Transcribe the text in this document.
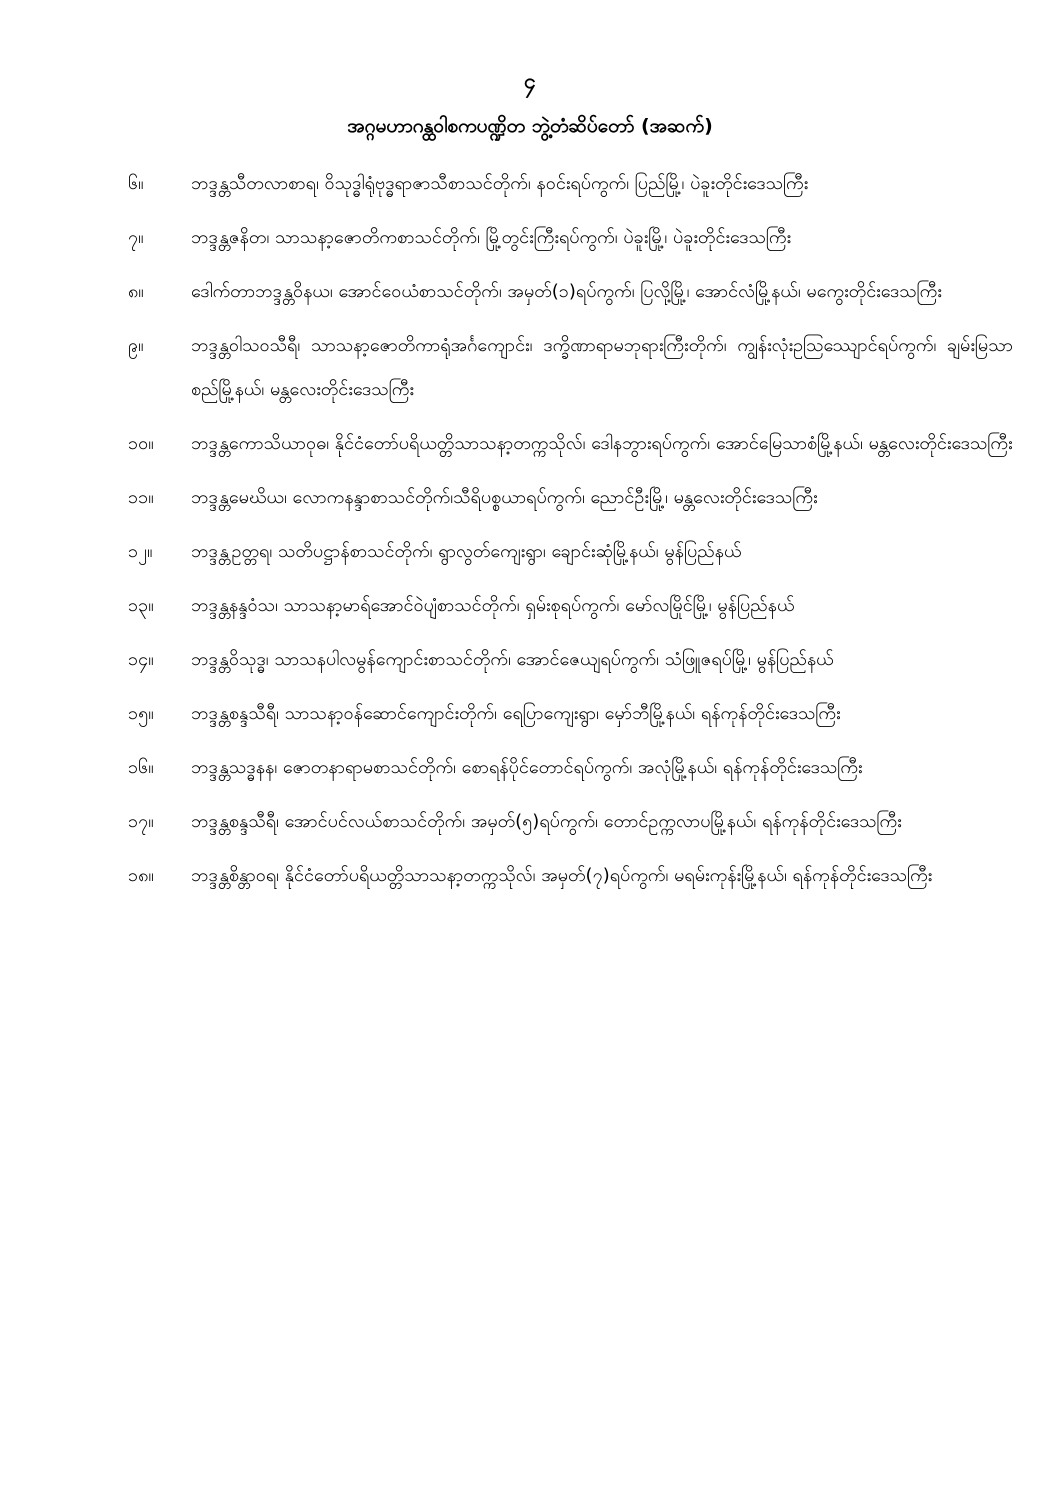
၄
အဂ္ဂမဟာဂန္ထဝါစကပဏ္ဍိတ ဘွဲ့တံဆိပ်တော် (အဆက်)
၆။	ဘဒ္ဒန္တသီတလာစာရ၊ ဝိသုဒ္ဓါရုံဗုဒ္ဓရာဇာသီစာသင်တိုက်၊ နဝင်းရပ်ကွက်၊ ပြည်မြို့၊ ပဲခူးတိုင်းဒေသကြီး
၇။	ဘဒ္ဒန္တဇနိတ၊ သာသနာ့ဇောတိကစာသင်တိုက်၊ မြို့တွင်းကြီးရပ်ကွက်၊ ပဲခူးမြို့၊ ပဲခူးတိုင်းဒေသကြီး
၈။	ဒေါက်တာဘဒ္ဒန္တဝိနယ၊ အောင်ဝေယံစာသင်တိုက်၊ အမှတ်(၁)ရပ်ကွက်၊ ပြလို့မြို့၊ အောင်လံမြို့နယ်၊ မကွေးတိုင်းဒေသကြီး
၉။	ဘဒ္ဒန္တဝါသဝသီရီ၊ သာသနာ့ဇောတိကာရုံအင်္ဂကျောင်း၊ ဒက္ခိဏာရာမဘုရားကြီးတိုက်၊ ကျွန်းလုံးဥဩဿျောင်ရပ်ကွက်၊ ချမ်းမြသာစည်မြို့နယ်၊ မန္တလေးတိုင်းဒေသကြီး
၁၀။	ဘဒ္ဒန္တကောသိယာဝုဓ၊ နိုင်ငံတော်ပရိယတ္တိသာသနာ့တက္ကသိုလ်၊ ဒေါနဘွားရပ်ကွက်၊ အောင်မြေသာစံမြို့နယ်၊ မန္တလေးတိုင်းဒေသကြီး
၁၁။	ဘဒ္ဒန္တမေဃိယ၊ လောကနန္ဒာစာသင်တိုက်၊သီရိပစ္စယာရပ်ကွက်၊ ညောင်ဦးမြို့၊ မန္တလေးတိုင်းဒေသကြီး
၁၂။	ဘဒ္ဒန္တဥတ္တရ၊ သတိပဋ္ဌာန်စာသင်တိုက်၊ ရွာလွတ်ကျေးရွာ၊ ချောင်းဆုံမြို့နယ်၊ မွန်ပြည်နယ်
၁၃။	ဘဒ္ဒန္တနန္ဒဝံသ၊ သာသနာ့မာရ်အောင်ဝဲပျံစာသင်တိုက်၊ ရှမ်းစုရပ်ကွက်၊ မော်လမြိုင်မြို့၊ မွန်ပြည်နယ်
၁၄။	ဘဒ္ဒန္တဝိသုဒ္ဓ၊ သာသနပါလမွန်ကျောင်းစာသင်တိုက်၊ အောင်ဇေယျရပ်ကွက်၊ သံဖြူဇရပ်မြို့၊ မွန်ပြည်နယ်
၁၅။	ဘဒ္ဒန္တစန္ဒသီရီ၊ သာသနာ့ဝန်ဆောင်ကျောင်းတိုက်၊ ရေပြာကျေးရွာ၊ မှော်ဘီမြို့နယ်၊ ရန်ကုန်တိုင်းဒေသကြီး
၁၆။	ဘဒ္ဒန္တသဒ္ဓနန၊ ဇောတနာရာမစာသင်တိုက်၊ စောရန်ပိုင်တောင်ရပ်ကွက်၊ အလုံမြို့နယ်၊ ရန်ကုန်တိုင်းဒေသကြီး
၁၇။	ဘဒ္ဒန္တစန္ဒသီရီ၊ အောင်ပင်လယ်စာသင်တိုက်၊ အမှတ်(၅)ရပ်ကွက်၊ တောင်ဥက္ကလာပမြို့နယ်၊ ရန်ကုန်တိုင်းဒေသကြီး
၁၈။	ဘဒ္ဒန္တစိန္တာဝရ၊ နိုင်ငံတော်ပရိယတ္တိသာသနာ့တက္ကသိုလ်၊ အမှတ်(၇)ရပ်ကွက်၊ မရမ်းကုန်းမြို့နယ်၊ ရန်ကုန်တိုင်းဒေသကြီး
